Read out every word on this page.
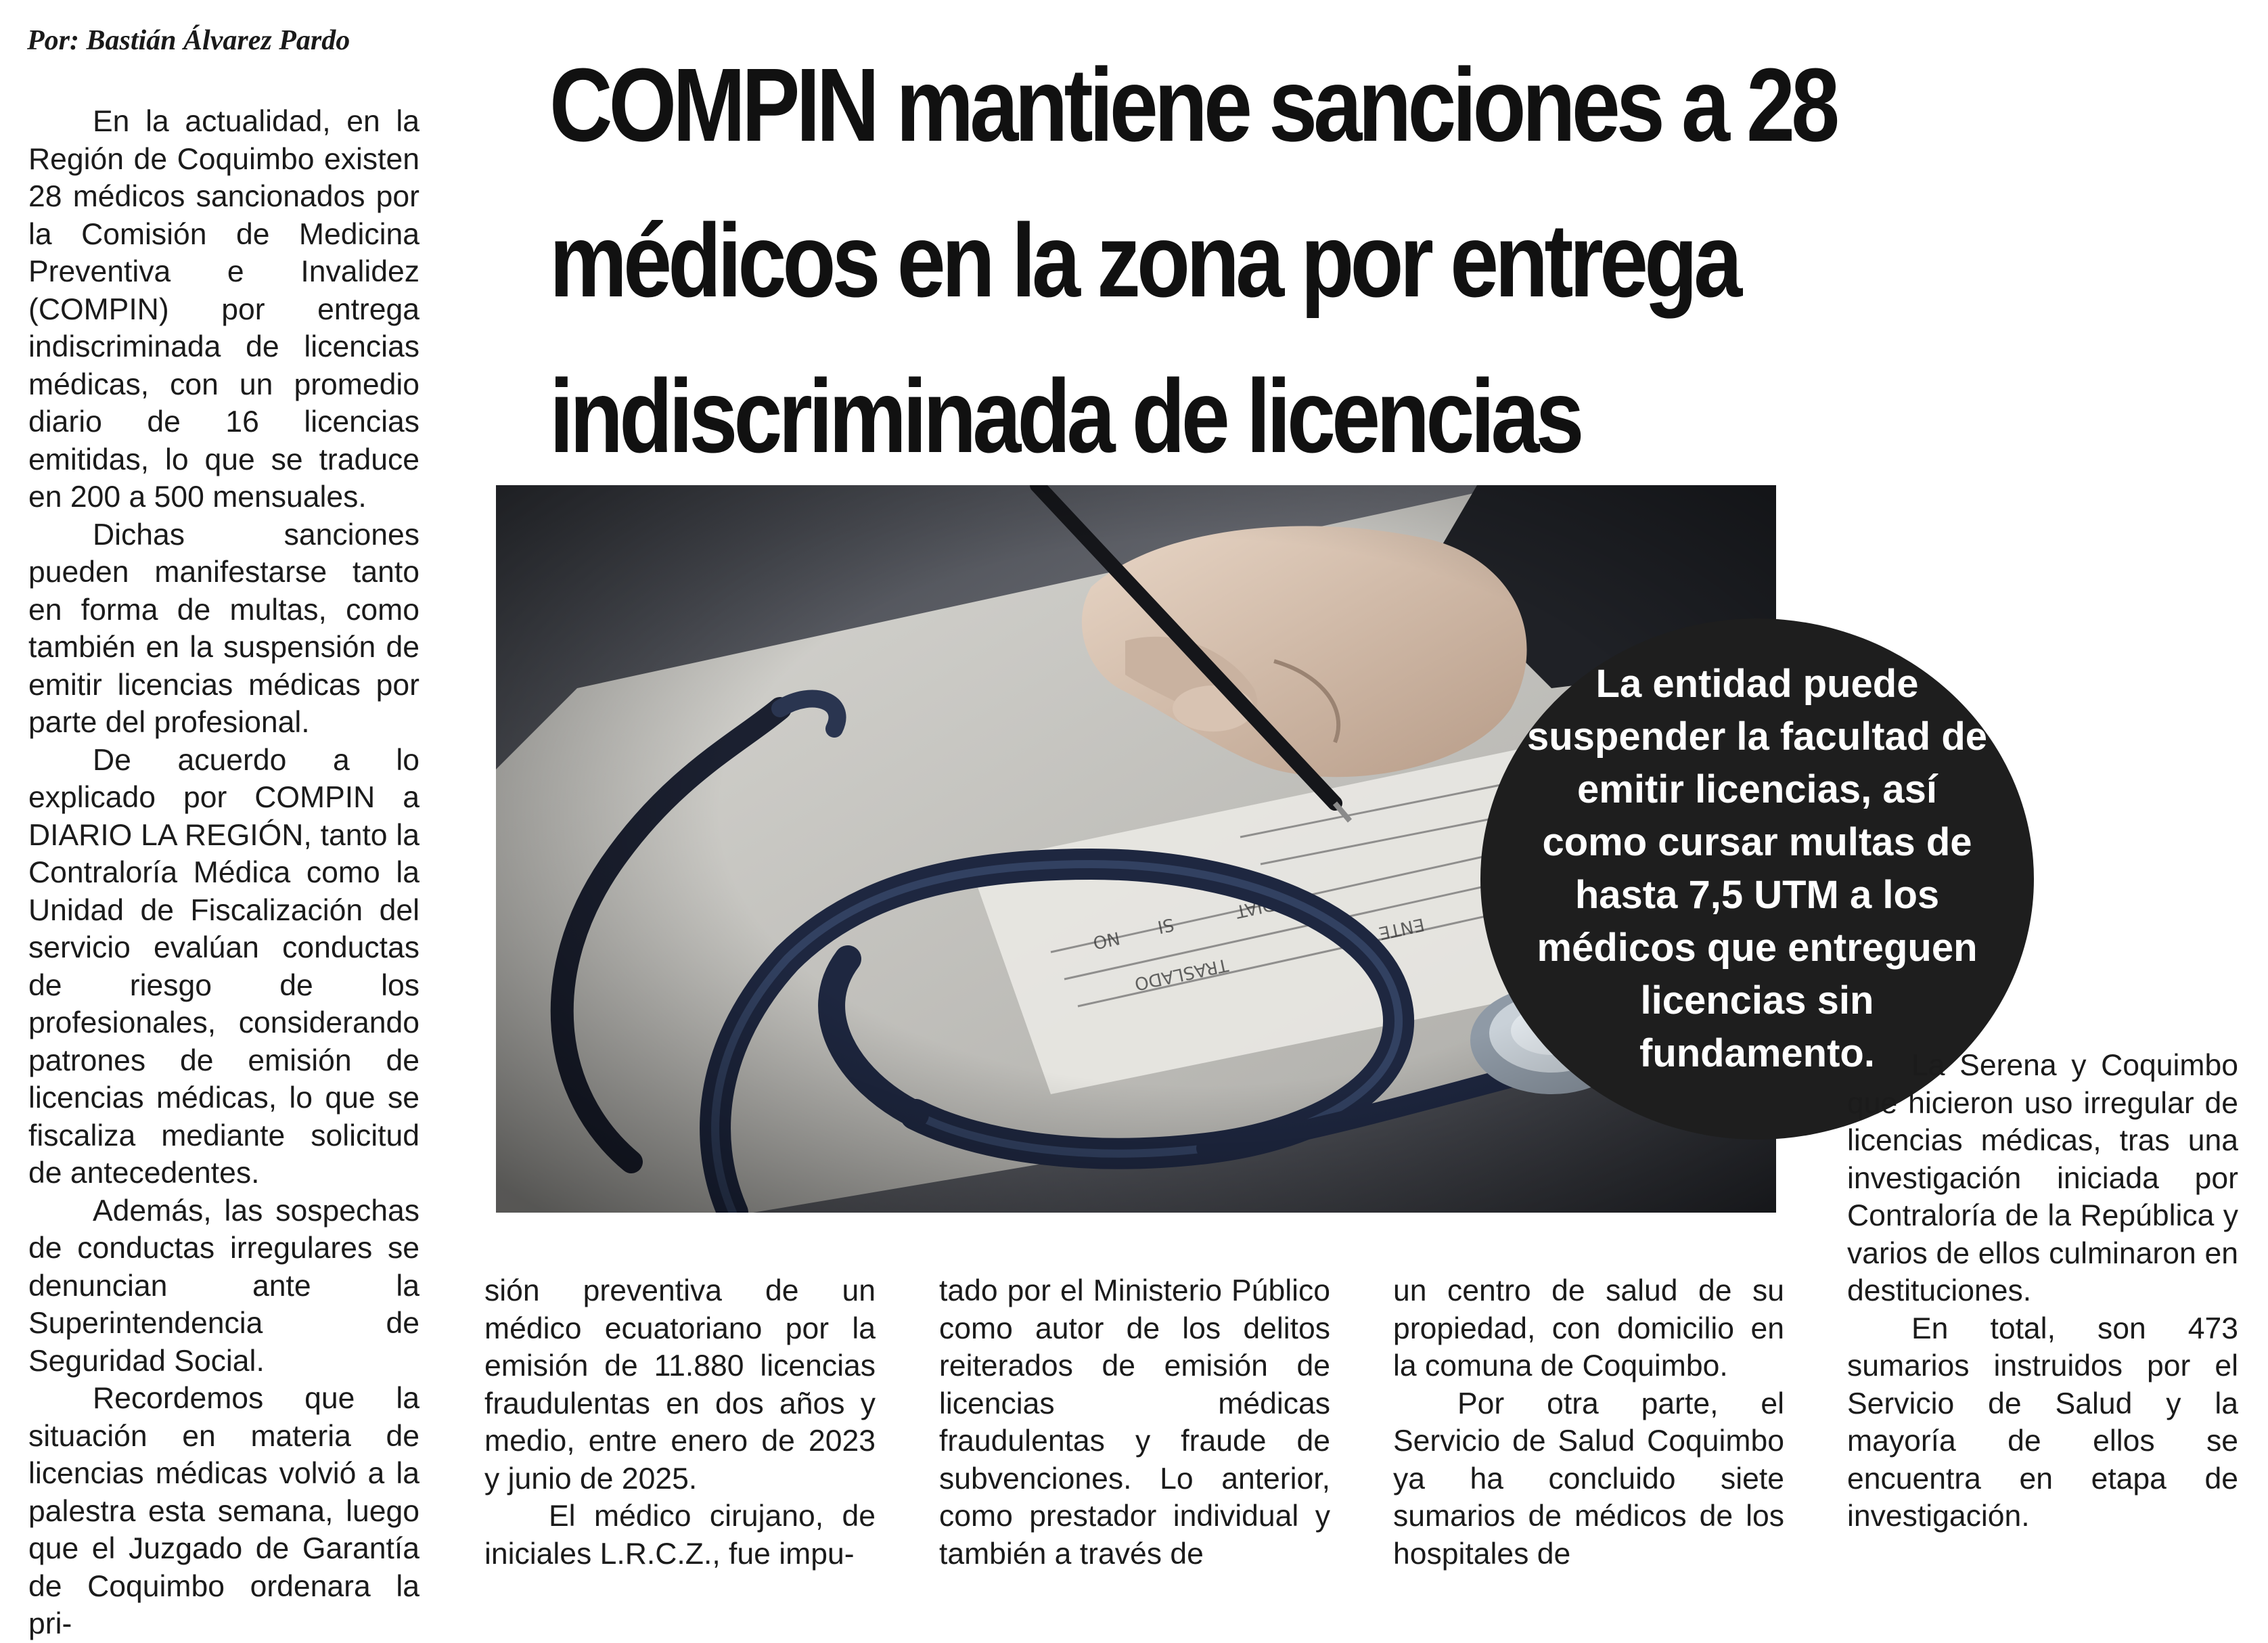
Por: Bastián Álvarez Pardo
COMPIN mantiene sanciones a 28 médicos en la zona por entrega indiscriminada de licencias

En la actualidad, en la Región de Coquimbo existen 28 médicos sancionados por la Comisión de Medicina Preventiva e Invalidez (COMPIN) por entrega indiscriminada de licencias médicas, con un promedio diario de 16 licencias emitidas, lo que se traduce en 200 a 500 mensuales.

Dichas sanciones pueden manifestarse tanto en forma de multas, como también en la suspensión de emitir licencias médicas por parte del profesional.

De acuerdo a lo explicado por COMPIN a DIARIO LA REGIÓN, tanto la Contraloría Médica como la Unidad de Fiscalización del servicio evalúan conductas de riesgo de los profesionales, considerando patrones de emisión de licencias médicas, lo que se fiscaliza mediante solicitud de antecedentes.

Además, las sospechas de conductas irregulares se denuncian ante la Superintendencia de Seguridad Social.

Recordemos que la situación en materia de licencias médicas volvió a la palestra esta semana, luego que el Juzgado de Garantía de Coquimbo ordenara la pri-

La entidad puede suspender la facultad de emitir licencias, así como cursar multas de hasta 7,5 UTM a los médicos que entreguen licencias sin fundamento.

sión preventiva de un médico ecuatoriano por la emisión de 11.880 licencias fraudulentas en dos años y medio, entre enero de 2023 y junio de 2025.

El médico cirujano, de iniciales L.R.C.Z., fue impu-

tado por el Ministerio Público como autor de los delitos reiterados de emisión de licencias médicas fraudulentas y fraude de subvenciones. Lo anterior, como prestador individual y también a través de

un centro de salud de su propiedad, con domicilio en la comuna de Coquimbo.

Por otra parte, el Servicio de Salud Coquimbo ya ha concluido siete sumarios de médicos de los hospitales de

La Serena y Coquimbo que hicieron uso irregular de licencias médicas, tras una investigación iniciada por Contraloría de la República y varios de ellos culminaron en destituciones.

En total, son 473 sumarios instruidos por el Servicio de Salud y la mayoría de ellos se encuentra en etapa de investigación.
